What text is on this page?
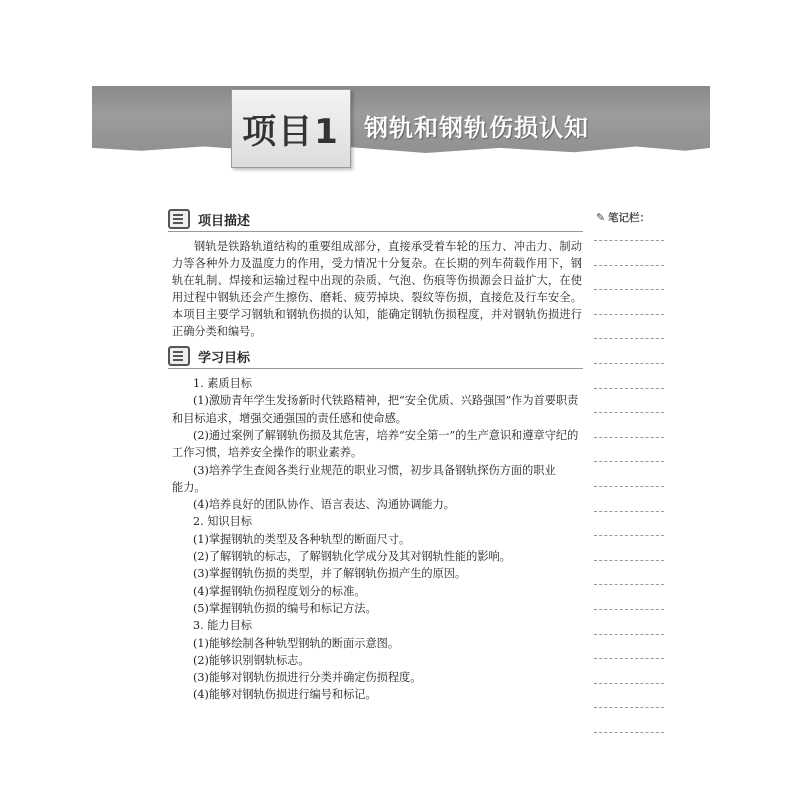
项目1 钢轨和钢轨伤损认知
✎ 笔记栏：
项目描述
钢轨是铁路轨道结构的重要组成部分，直接承受着车轮的压力、冲击力、制动力等各种外力及温度力的作用，受力情况十分复杂。在长期的列车荷载作用下，钢轨在轧制、焊接和运输过程中出现的杂质、气泡、伤痕等伤损源会日益扩大，在使用过程中钢轨还会产生擦伤、磨耗、疲劳掉块、裂纹等伤损，直接危及行车安全。本项目主要学习钢轨和钢轨伤损的认知，能确定钢轨伤损程度，并对钢轨伤损进行正确分类和编号。
学习目标
1. 素质目标
(1)激励青年学生发扬新时代铁路精神，把“安全优质、兴路强国”作为首要职责
和目标追求，增强交通强国的责任感和使命感。
(2)通过案例了解钢轨伤损及其危害，培养“安全第一”的生产意识和遵章守纪的
工作习惯，培养安全操作的职业素养。
(3)培养学生查阅各类行业规范的职业习惯，初步具备钢轨探伤方面的职业
能力。
(4)培养良好的团队协作、语言表达、沟通协调能力。
2. 知识目标
(1)掌握钢轨的类型及各种轨型的断面尺寸。
(2)了解钢轨的标志，了解钢轨化学成分及其对钢轨性能的影响。
(3)掌握钢轨伤损的类型，并了解钢轨伤损产生的原因。
(4)掌握钢轨伤损程度划分的标准。
(5)掌握钢轨伤损的编号和标记方法。
3. 能力目标
(1)能够绘制各种轨型钢轨的断面示意图。
(2)能够识别钢轨标志。
(3)能够对钢轨伤损进行分类并确定伤损程度。
(4)能够对钢轨伤损进行编号和标记。
